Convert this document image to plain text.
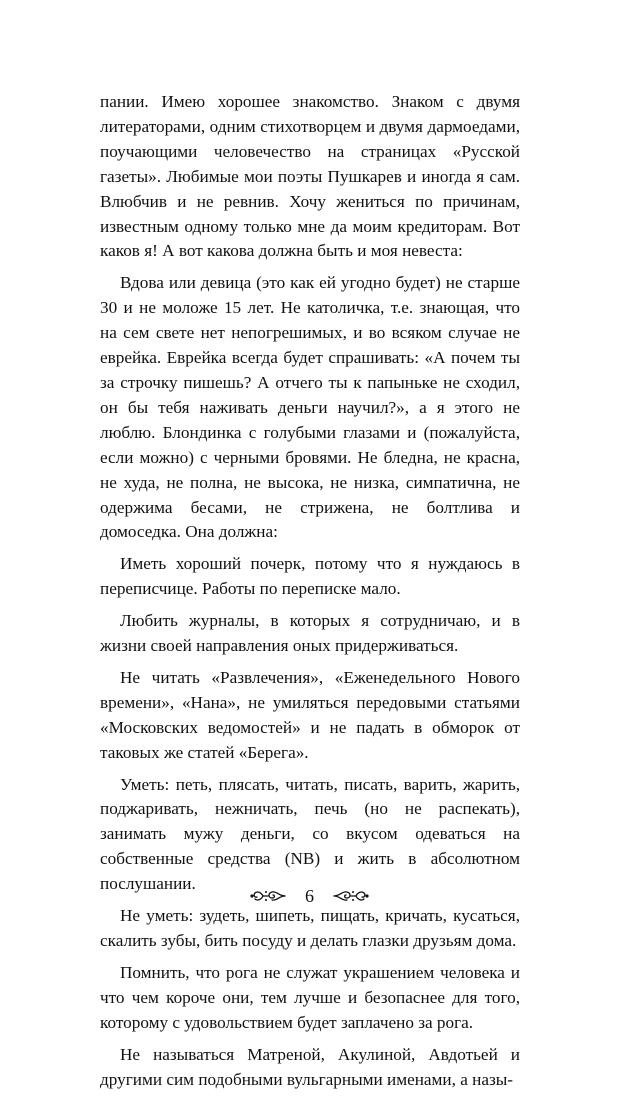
пании. Имею хорошее знакомство. Знаком с двумя литераторами, одним стихотворцем и двумя дармоедами, поучающими человечество на страницах «Русской газеты». Любимые мои поэты Пушкарев и иногда я сам. Влюбчив и не ревнив. Хочу жениться по причинам, известным одному только мне да моим кредиторам. Вот каков я! А вот какова должна быть и моя невеста:

Вдова или девица (это как ей угодно будет) не старше 30 и не моложе 15 лет. Не католичка, т.е. знающая, что на сем свете нет непогрешимых, и во всяком случае не еврейка. Еврейка всегда будет спрашивать: «А почем ты за строчку пишешь? А отчего ты к папыньке не сходил, он бы тебя наживать деньги научил?», а я этого не люблю. Блондинка с голубыми глазами и (пожалуйста, если можно) с черными бровями. Не бледна, не красна, не худа, не полна, не высока, не низка, симпатична, не одержима бесами, не стрижена, не болтлива и домоседка. Она должна:

Иметь хороший почерк, потому что я нуждаюсь в переписчице. Работы по переписке мало.

Любить журналы, в которых я сотрудничаю, и в жизни своей направления оных придерживаться.

Не читать «Развлечения», «Еженедельного Нового времени», «Нана», не умиляться передовыми статьями «Московских ведомостей» и не падать в обморок от таковых же статей «Берега».

Уметь: петь, плясать, читать, писать, варить, жарить, поджаривать, нежничать, печь (но не распекать), занимать мужу деньги, со вкусом одеваться на собственные средства (NB) и жить в абсолютном послушании.

Не уметь: зудеть, шипеть, пищать, кричать, кусаться, скалить зубы, бить посуду и делать глазки друзьям дома.

Помнить, что рога не служат украшением человека и что чем короче они, тем лучше и безопаснее для того, которому с удовольствием будет заплачено за рога.

Не называться Матреной, Акулиной, Авдотьей и другими сим подобными вульгарными именами, а назы-

6
